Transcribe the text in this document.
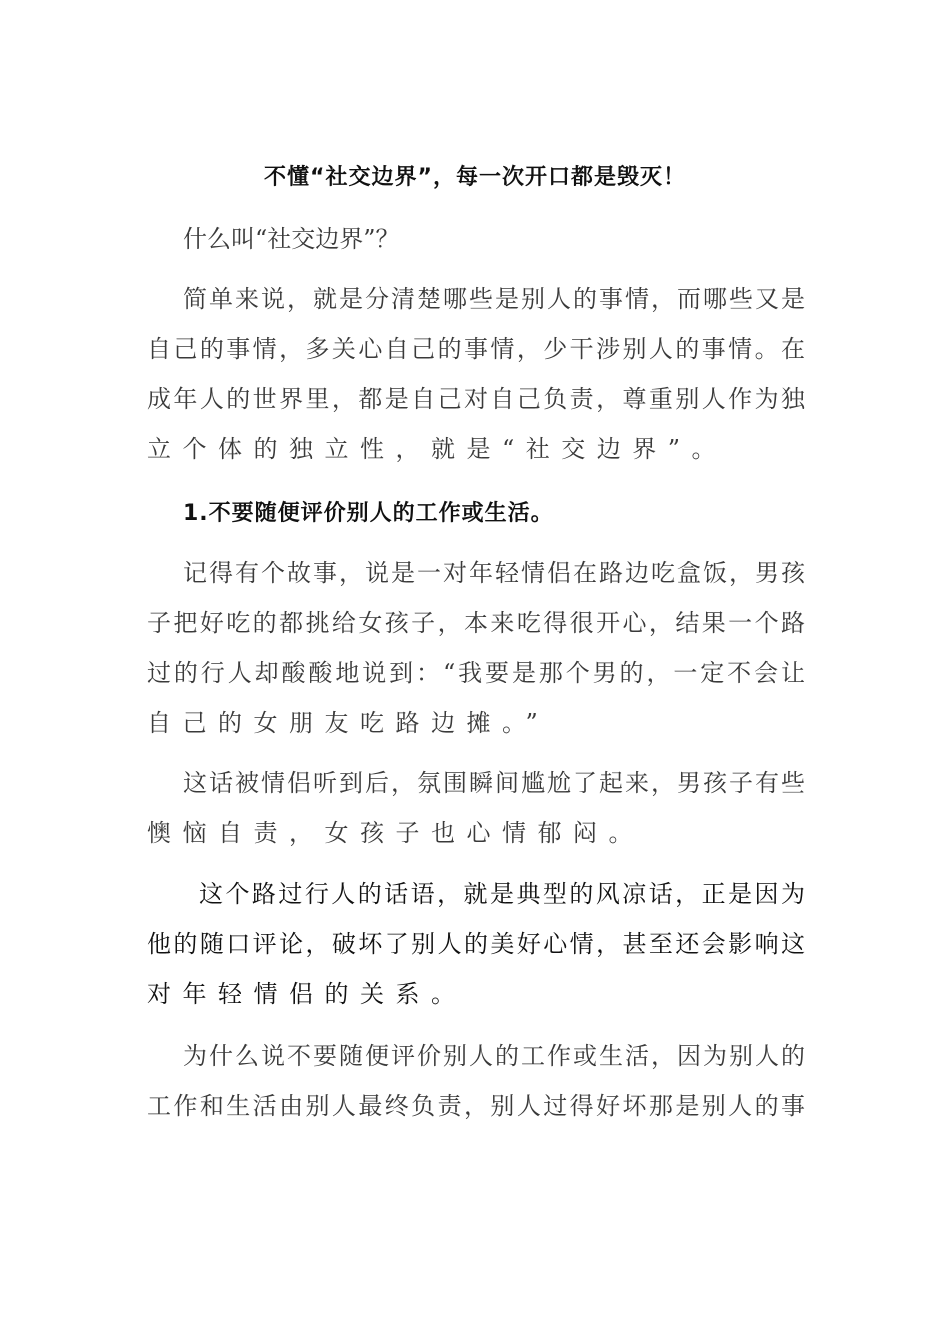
不懂“社交边界”，每一次开口都是毁灭！
什么叫“社交边界”？
简单来说，就是分清楚哪些是别人的事情，而哪些又是
自己的事情，多关心自己的事情，少干涉别人的事情。在
成年人的世界里，都是自己对自己负责，尊重别人作为独
立个体的独立性，就是“社交边界”。
1.不要随便评价别人的工作或生活。
记得有个故事，说是一对年轻情侣在路边吃盒饭，男孩
子把好吃的都挑给女孩子，本来吃得很开心，结果一个路
过的行人却酸酸地说到：“我要是那个男的，一定不会让
自己的女朋友吃路边摊。”
这话被情侣听到后，氛围瞬间尴尬了起来，男孩子有些
懊恼自责，女孩子也心情郁闷。
这个路过行人的话语，就是典型的风凉话，正是因为
他的随口评论，破坏了别人的美好心情，甚至还会影响这
对年轻情侣的关系。
为什么说不要随便评价别人的工作或生活，因为别人的
工作和生活由别人最终负责，别人过得好坏那是别人的事
